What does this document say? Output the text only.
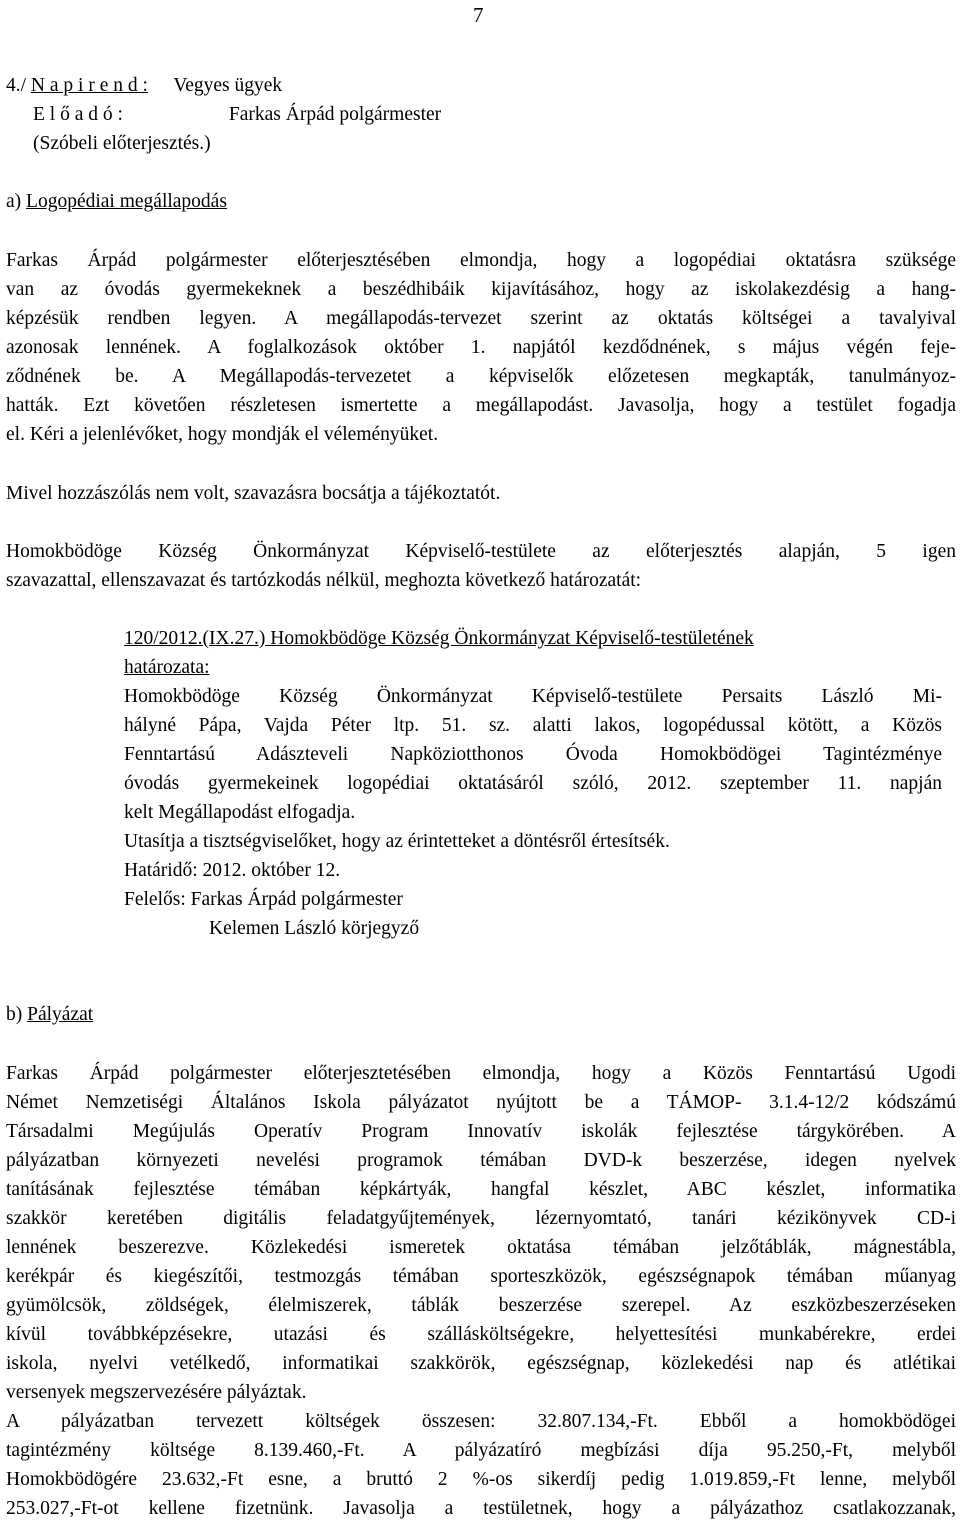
7
4./ N a p i r e n d : Vegyes ügyek
E l ő a d ó :	Farkas Árpád polgármester
(Szóbeli előterjesztés.)
a) Logopédiai megállapodás
Farkas Árpád polgármester előterjesztésében elmondja, hogy a logopédiai oktatásra szüksége
van az óvodás gyermekeknek a beszédhibáik kijavításához, hogy az iskolakezdésig a hang-
képzésük rendben legyen. A megállapodás-tervezet szerint az oktatás költségei a tavalyival
azonosak lennének. A foglalkozások október 1. napjától kezdődnének, s május végén feje-
ződnének be. A Megállapodás-tervezetet a képviselők előzetesen megkapták, tanulmányoz-
hatták. Ezt követően részletesen ismertette a megállapodást. Javasolja, hogy a testület fogadja
el. Kéri a jelenlévőket, hogy mondják el véleményüket.
Mivel hozzászólás nem volt, szavazásra bocsátja a tájékoztatót.
Homokbödöge Község Önkormányzat Képviselő-testülete az előterjesztés alapján, 5 igen
szavazattal, ellenszavazat és tartózkodás nélkül, meghozta következő határozatát:
120/2012.(IX.27.) Homokbödöge Község Önkormányzat Képviselő-testületének
határozata:
Homokbödöge Község Önkormányzat Képviselő-testülete Persaits László Mi-
hályné Pápa, Vajda Péter ltp. 51. sz. alatti lakos, logopédussal kötött, a Közös
Fenntartású Adászteveli Napköziotthonos Óvoda Homokbödögei Tagintézménye
óvodás gyermekeinek logopédiai oktatásáról szóló, 2012. szeptember 11. napján
kelt Megállapodást elfogadja.
Utasítja a tisztségviselőket, hogy az érintetteket a döntésről értesítsék.
Határidő: 2012. október 12.
Felelős: Farkas Árpád polgármester
Kelemen László körjegyző
b) Pályázat
Farkas Árpád polgármester előterjesztetésében elmondja, hogy a Közös Fenntartású Ugodi
Német Nemzetiségi Általános Iskola pályázatot nyújtott be a TÁMOP- 3.1.4-12/2 kódszámú
Társadalmi Megújulás Operatív Program Innovatív iskolák fejlesztése tárgykörében. A
pályázatban környezeti nevelési programok témában DVD-k beszerzése, idegen nyelvek
tanításának fejlesztése témában képkártyák, hangfal készlet, ABC készlet, informatika
szakkör keretében digitális feladatgyűjtemények, lézernyomtató, tanári kézikönyvek CD-i
lennének beszerezve. Közlekedési ismeretek oktatása témában jelzőtáblák, mágnestábla,
kerékpár és kiegészítői, testmozgás témában sporteszközök, egészségnapok témában műanyag
gyümölcsök, zöldségek, élelmiszerek, táblák beszerzése szerepel. Az eszközbeszerzéseken
kívül továbbképzésekre, utazási és szállásköltségekre, helyettesítési munkabérekre, erdei
iskola, nyelvi vetélkedő, informatikai szakkörök, egészségnap, közlekedési nap és atlétikai
versenyek megszervezésére pályáztak.
A pályázatban tervezett költségek összesen: 32.807.134,-Ft. Ebből a homokbödögei
tagintézmény költsége 8.139.460,-Ft. A pályázatíró megbízási díja 95.250,-Ft, melyből
Homokbödögére 23.632,-Ft esne, a bruttó 2 %-os sikerdíj pedig 1.019.859,-Ft lenne, melyből
253.027,-Ft-ot kellene fizetnünk. Javasolja a testületnek, hogy a pályázathoz csatlakozzanak,
